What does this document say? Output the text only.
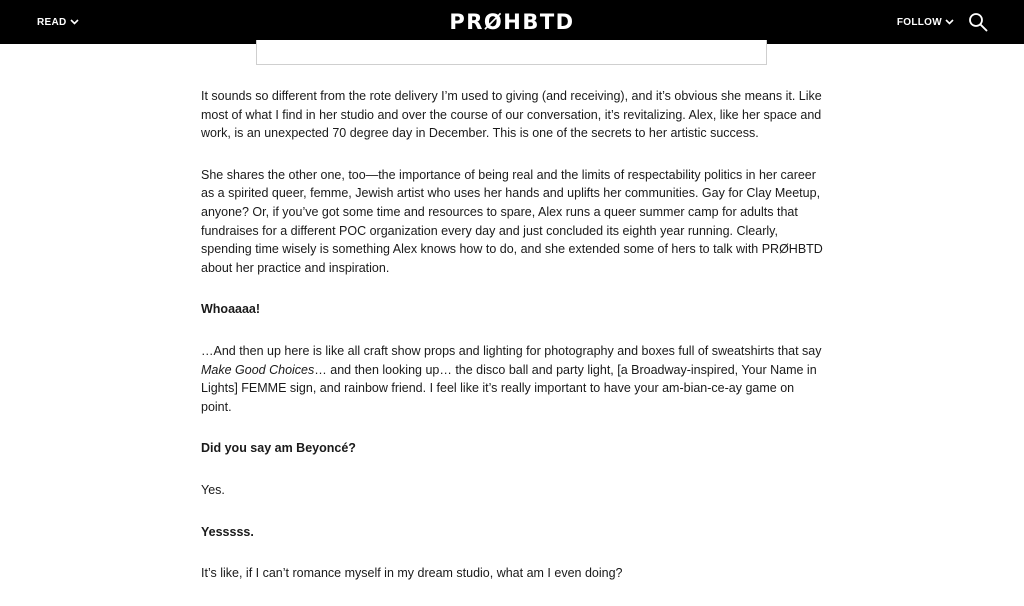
READ	PRØHBTD	FOLLOW

It sounds so different from the rote delivery I’m used to giving (and receiving), and it’s obvious she means it. Like most of what I find in her studio and over the course of our conversation, it’s revitalizing. Alex, like her space and work, is an unexpected 70 degree day in December. This is one of the secrets to her artistic success.

She shares the other one, too—the importance of being real and the limits of respectability politics in her career as a spirited queer, femme, Jewish artist who uses her hands and uplifts her communities. Gay for Clay Meetup, anyone? Or, if you’ve got some time and resources to spare, Alex runs a queer summer camp for adults that fundraises for a different POC organization every day and just concluded its eighth year running. Clearly, spending time wisely is something Alex knows how to do, and she extended some of hers to talk with PRØHBTD about her practice and inspiration.

Whoaaaa!

…And then up here is like all craft show props and lighting for photography and boxes full of sweatshirts that say Make Good Choices… and then looking up… the disco ball and party light, [a Broadway-inspired, Your Name in Lights] FEMME sign, and rainbow friend. I feel like it’s really important to have your am-bian-ce-ay game on point.

Did you say am Beyoncé?

Yes.

Yesssss.

It’s like, if I can’t romance myself in my dream studio, what am I even doing?
